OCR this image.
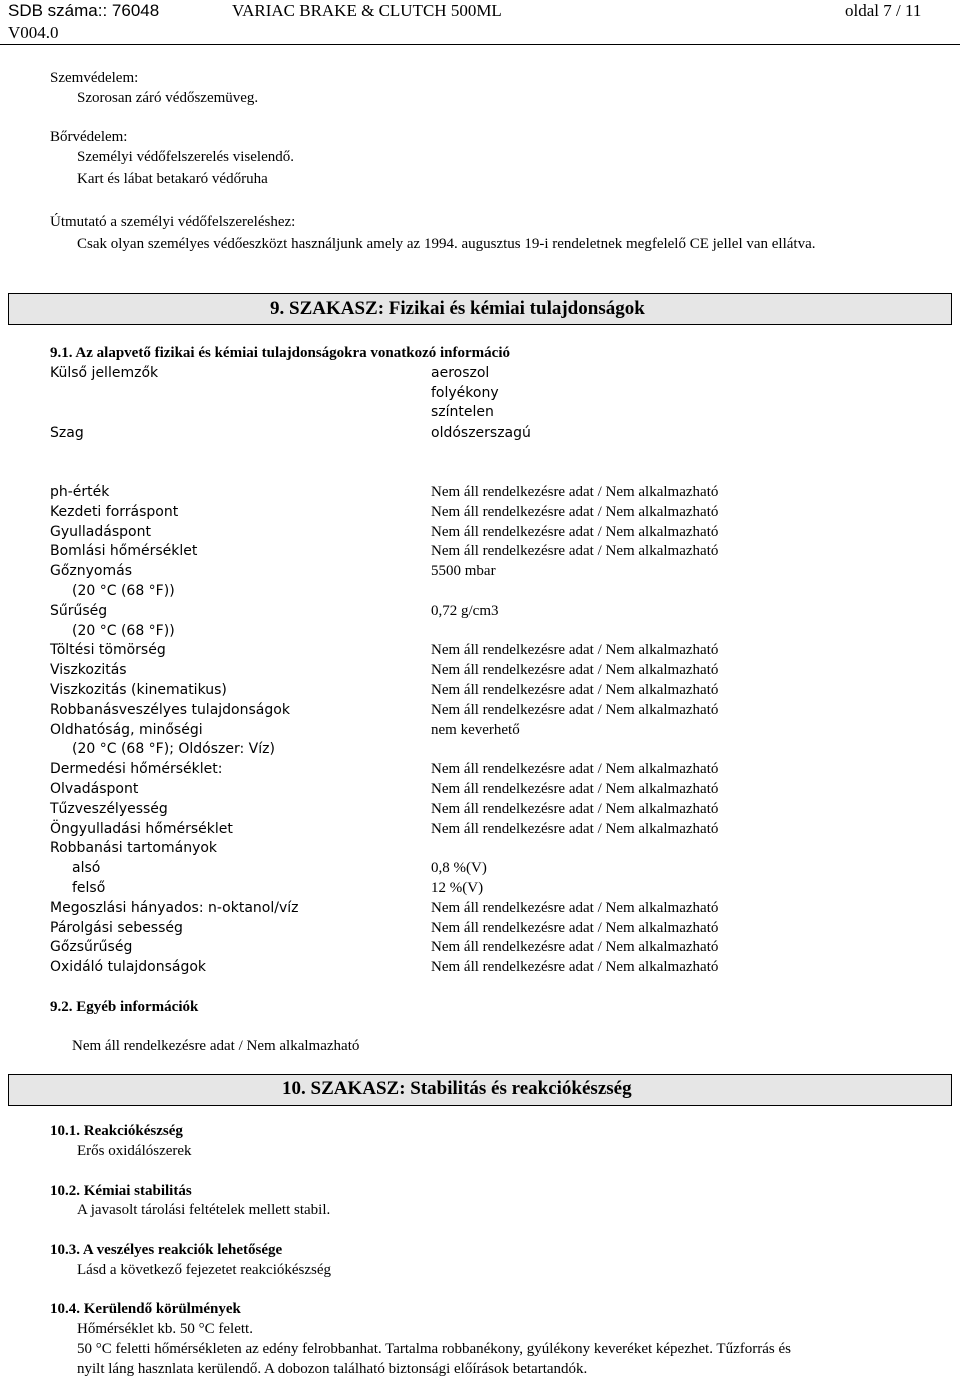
SDB száma:: 76048	VARIAC BRAKE & CLUTCH 500ML	oldal 7 / 11
V004.0
Szemvédelem:
Szorosan záró védőszemüveg.
Bőrvédelem:
Személyi védőfelszerelés viselendő.
Kart és lábat betakaró védőruha
Útmutató a személyi védőfelszereléshez:
Csak olyan személyes védőeszközt használjunk amely az 1994. augusztus 19-i rendeletnek megfelelő CE jellel van ellátva.
9. SZAKASZ: Fizikai és kémiai tulajdonságok
9.1. Az alapvető fizikai és kémiai tulajdonságokra vonatkozó információ
Külső jellemzők	aeroszol
folyékony
színtelen
Szag	oldószerszagú
ph-érték	Nem áll rendelkezésre adat / Nem alkalmazható
Kezdeti forráspont	Nem áll rendelkezésre adat / Nem alkalmazható
Gyulladáspont	Nem áll rendelkezésre adat / Nem alkalmazható
Bomlási hőmérséklet	Nem áll rendelkezésre adat / Nem alkalmazható
Gőznyomás	5500 mbar
(20 °C (68 °F))
Sűrűség	0,72 g/cm3
(20 °C (68 °F))
Töltési tömörség	Nem áll rendelkezésre adat / Nem alkalmazható
Viszkozitás	Nem áll rendelkezésre adat / Nem alkalmazható
Viszkozitás (kinematikus)	Nem áll rendelkezésre adat / Nem alkalmazható
Robbanásveszélyes tulajdonságok	Nem áll rendelkezésre adat / Nem alkalmazható
Oldhatóság, minőségi	nem keverhető
(20 °C (68 °F); Oldószer: Víz)
Dermedési hőmérséklet:	Nem áll rendelkezésre adat / Nem alkalmazható
Olvadáspont	Nem áll rendelkezésre adat / Nem alkalmazható
Tűzveszélyesség	Nem áll rendelkezésre adat / Nem alkalmazható
Öngyulladási hőmérséklet	Nem áll rendelkezésre adat / Nem alkalmazható
Robbanási tartományok
alsó	0,8 %(V)
felső	12 %(V)
Megoszlási hányados: n-oktanol/víz	Nem áll rendelkezésre adat / Nem alkalmazható
Párolgási sebesség	Nem áll rendelkezésre adat / Nem alkalmazható
Gőzsűrűség	Nem áll rendelkezésre adat / Nem alkalmazható
Oxidáló tulajdonságok	Nem áll rendelkezésre adat / Nem alkalmazható
9.2. Egyéb információk
Nem áll rendelkezésre adat / Nem alkalmazható
10. SZAKASZ: Stabilitás és reakciókészség
10.1. Reakciókészség
Erős oxidálószerek
10.2. Kémiai stabilitás
A javasolt tárolási feltételek mellett stabil.
10.3. A veszélyes reakciók lehetősége
Lásd a következő fejezetet reakciókészség
10.4. Kerülendő körülmények
Hőmérséklet kb. 50 °C felett.
50 °C feletti hőmérsékleten az edény felrobbanhat. Tartalma robbanékony, gyúlékony keveréket képezhet. Tűzforrás és
nyilt láng hasznlata kerülendő. A dobozon található biztonsági előírások betartandók.
